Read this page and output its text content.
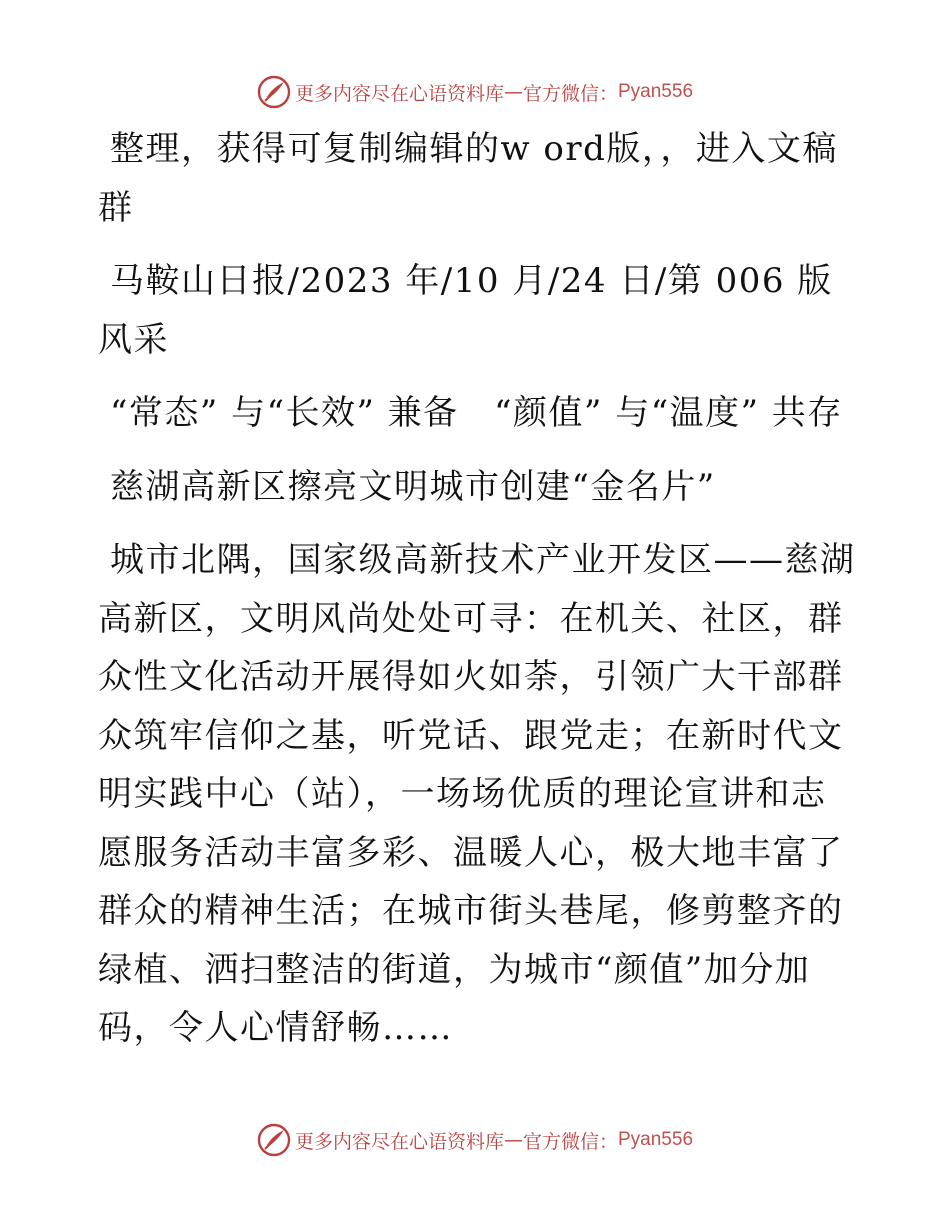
更多内容尽在心语资料库 — 官方微信： Pyan556

整理，获得可复制编辑的w ord版，，进入文稿群

马鞍山日报/2023 年/10 月/24 日/第 006 版风采

“常态” 与“长效” 兼备　“颜值” 与“温度” 共存

慈湖高新区擦亮文明城市创建“金名片”

城市北隅，国家级高新技术产业开发区——慈湖高新区，文明风尚处处可寻：在机关、社区，群众性文化活动开展得如火如荼，引领广大干部群众筑牢信仰之基，听党话、跟党走；在新时代文明实践中心（站），一场场优质的理论宣讲和志愿服务活动丰富多彩、温暖人心，极大地丰富了群众的精神生活；在城市街头巷尾，修剪整齐的绿植、洒扫整洁的街道，为城市“颜值”加分加码，令人心情舒畅……

更多内容尽在心语资料库 — 官方微信： Pyan556
